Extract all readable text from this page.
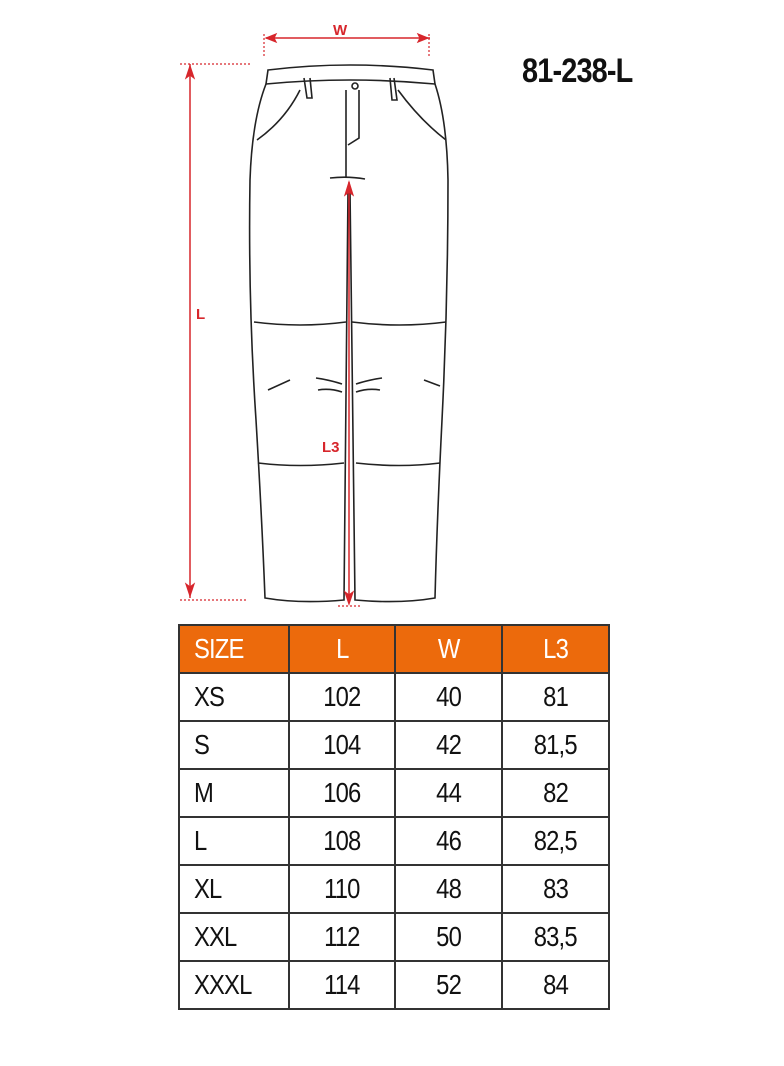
W
L
L3
81-238-L
SIZE	L	W	L3
XS	102	40	81
S	104	42	81,5
M	106	44	82
L	108	46	82,5
XL	110	48	83
XXL	112	50	83,5
XXXL	114	52	84
